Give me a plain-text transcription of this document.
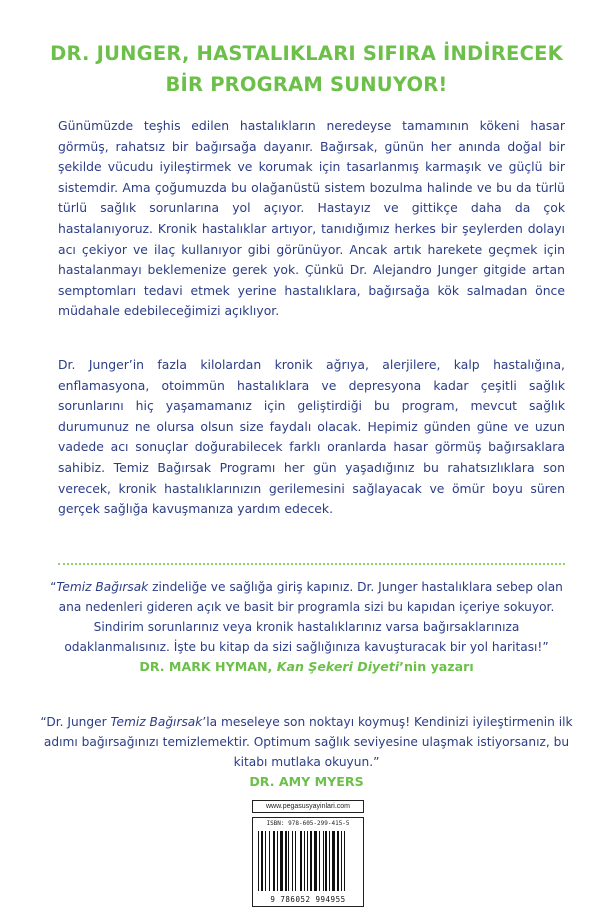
DR. JUNGER, HASTALIKLARI SIFIRA İNDİRECEK
BİR PROGRAM SUNUYOR!

Günümüzde teşhis edilen hastalıkların neredeyse tamamının kökeni hasar görmüş, rahatsız bir bağırsağa dayanır. Bağırsak, günün her anında doğal bir şekilde vücudu iyileştirmek ve korumak için tasarlanmış karmaşık ve güçlü bir sistemdir. Ama çoğumuzda bu olağanüstü sistem bozulma halinde ve bu da türlü türlü sağlık sorunlarına yol açıyor. Hastayız ve gittikçe daha da çok hastalanıyoruz. Kronik hastalıklar artıyor, tanıdığımız herkes bir şeylerden dolayı acı çekiyor ve ilaç kullanıyor gibi görünüyor. Ancak artık harekete geçmek için hastalanmayı beklemenize gerek yok. Çünkü Dr. Alejandro Junger gitgide artan semptomları tedavi etmek yerine hastalıklara, bağırsağa kök salmadan önce müdahale edebileceğimizi açıklıyor.

Dr. Junger’in fazla kilolardan kronik ağrıya, alerjilere, kalp hastalığına, enflamasyona, otoimmün hastalıklara ve depresyona kadar çeşitli sağlık sorunlarını hiç yaşamamanız için geliştirdiği bu program, mevcut sağlık durumunuz ne olursa olsun size faydalı olacak. Hepimiz günden güne ve uzun vadede acı sonuçlar doğurabilecek farklı oranlarda hasar görmüş bağırsaklara sahibiz. Temiz Bağırsak Programı her gün yaşadığınız bu rahatsızlıklara son verecek, kronik hastalıklarınızın gerilemesini sağlayacak ve ömür boyu süren gerçek sağlığa kavuşmanıza yardım edecek.

“Temiz Bağırsak zindeliğe ve sağlığa giriş kapınız. Dr. Junger hastalıklara sebep olan ana nedenleri gideren açık ve basit bir programla sizi bu kapıdan içeriye sokuyor. Sindirim sorunlarınız veya kronik hastalıklarınız varsa bağırsaklarınıza odaklanmalısınız. İşte bu kitap da sizi sağlığınıza kavuşturacak bir yol haritası!”
DR. MARK HYMAN, Kan Şekeri Diyeti’nin yazarı

“Dr. Junger Temiz Bağırsak’la meseleye son noktayı koymuş! Kendinizi iyileştirmenin ilk adımı bağırsağınızı temizlemektir. Optimum sağlık seviyesine ulaşmak istiyorsanız, bu kitabı mutlaka okuyun.”
DR. AMY MYERS

www.pegasusyayinlari.com
ISBN: 978-605-299-415-5
9 786052 994955
